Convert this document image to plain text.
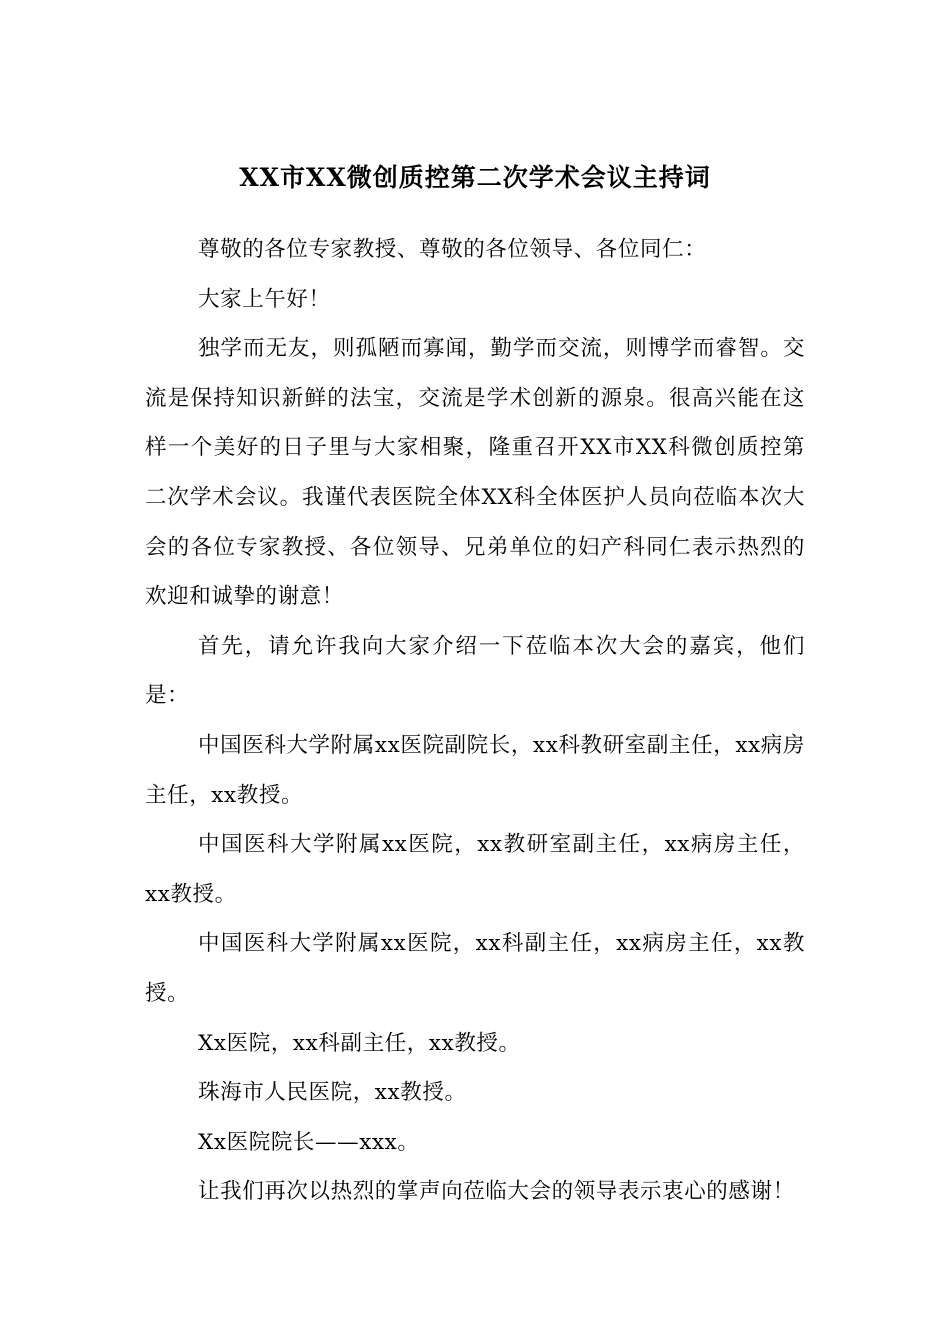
XX市XX微创质控第二次学术会议主持词

尊敬的各位专家教授、尊敬的各位领导、各位同仁：

大家上午好！

独学而无友，则孤陋而寡闻，勤学而交流，则博学而睿智。交流是保持知识新鲜的法宝，交流是学术创新的源泉。很高兴能在这样一个美好的日子里与大家相聚，隆重召开XX市XX科微创质控第二次学术会议。我谨代表医院全体XX科全体医护人员向莅临本次大会的各位专家教授、各位领导、兄弟单位的妇产科同仁表示热烈的欢迎和诚挚的谢意！

首先，请允许我向大家介绍一下莅临本次大会的嘉宾，他们是：

中国医科大学附属xx医院副院长，xx科教研室副主任，xx病房主任，xx教授。

中国医科大学附属xx医院，xx教研室副主任，xx病房主任，xx教授。

中国医科大学附属xx医院，xx科副主任，xx病房主任，xx教授。

Xx医院，xx科副主任，xx教授。

珠海市人民医院，xx教授。

Xx医院院长——xxx。

让我们再次以热烈的掌声向莅临大会的领导表示衷心的感谢！
